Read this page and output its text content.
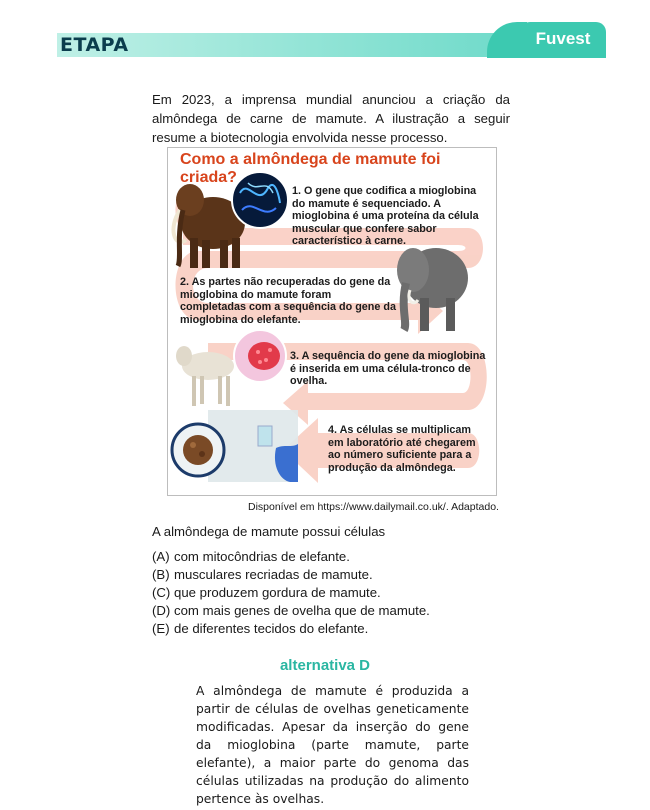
ETAPA	Fuvest
Em 2023, a imprensa mundial anunciou a criação da almôndega de carne de mamute. A ilustração a seguir resume a biotecnologia envolvida nesse processo.
Como a almôndega de mamute foi criada?
1. O gene que codifica a mioglobina do mamute é sequenciado. A mioglobina é uma proteína da célula muscular que confere sabor característico à carne.
2. As partes não recuperadas do gene da mioglobina do mamute foram completadas com a sequência do gene da mioglobina do elefante.
3. A sequência do gene da mioglobina é inserida em uma célula-tronco de ovelha.
4. As células se multiplicam em laboratório até chegarem ao número suficiente para a produção da almôndega.
Disponível em https://www.dailymail.co.uk/. Adaptado.
A almôndega de mamute possui células
(A) com mitocôndrias de elefante.
(B) musculares recriadas de mamute.
(C) que produzem gordura de mamute.
(D) com mais genes de ovelha que de mamute.
(E) de diferentes tecidos do elefante.
alternativa D
A almôndega de mamute é produzida a partir de células de ovelhas geneticamente modificadas. Apesar da inserção do gene da mioglobina (parte mamute, parte elefante), a maior parte do genoma das células utilizadas na produção do alimento pertence às ovelhas.
